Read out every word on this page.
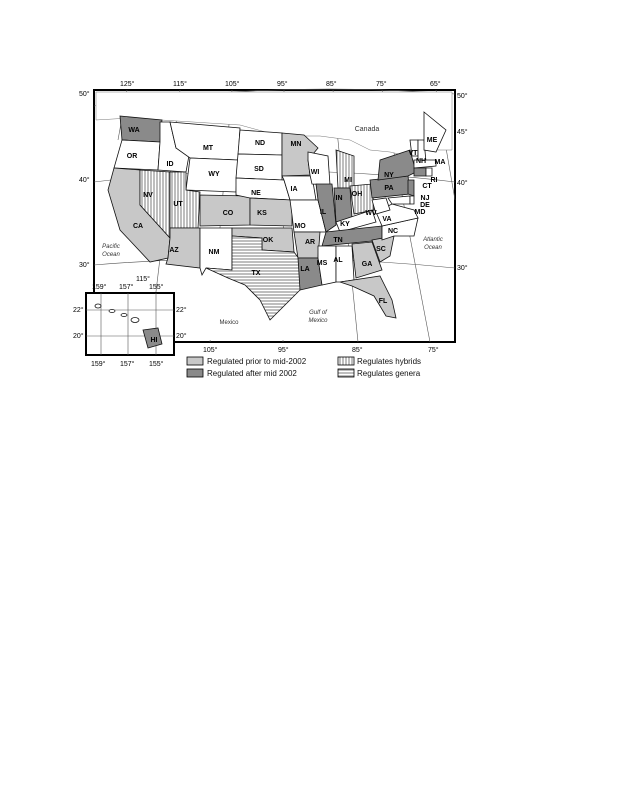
WA
OR
CA
NV
ID
MT
WY
UT
AZ
CO
NM
ND
SD
NE
KS
OK
TX
MN
IA
MO
AR
LA
WI
IL
MI
IN
OH
KY
TN
MS AL
GA
FL
SC
NC
VA
WV
PA
NY
VT
NH
ME
MA
RI
CT
NJ
DE
MD
Canada
Pacific
Ocean
Atlantic
Ocean
Gulf of
Mexico
Mexico
125°	115°	105°	95°	85°	75°	65°
105°	95°	85°	75°
50°
40°
30°
50°
45°
40°
30°
115°
HI
159° 157° 155°
159° 157° 155°
22°
20°
22°
20°
Regulated prior to mid-2002
Regulated after mid 2002
Regulates hybrids
Regulates genera
